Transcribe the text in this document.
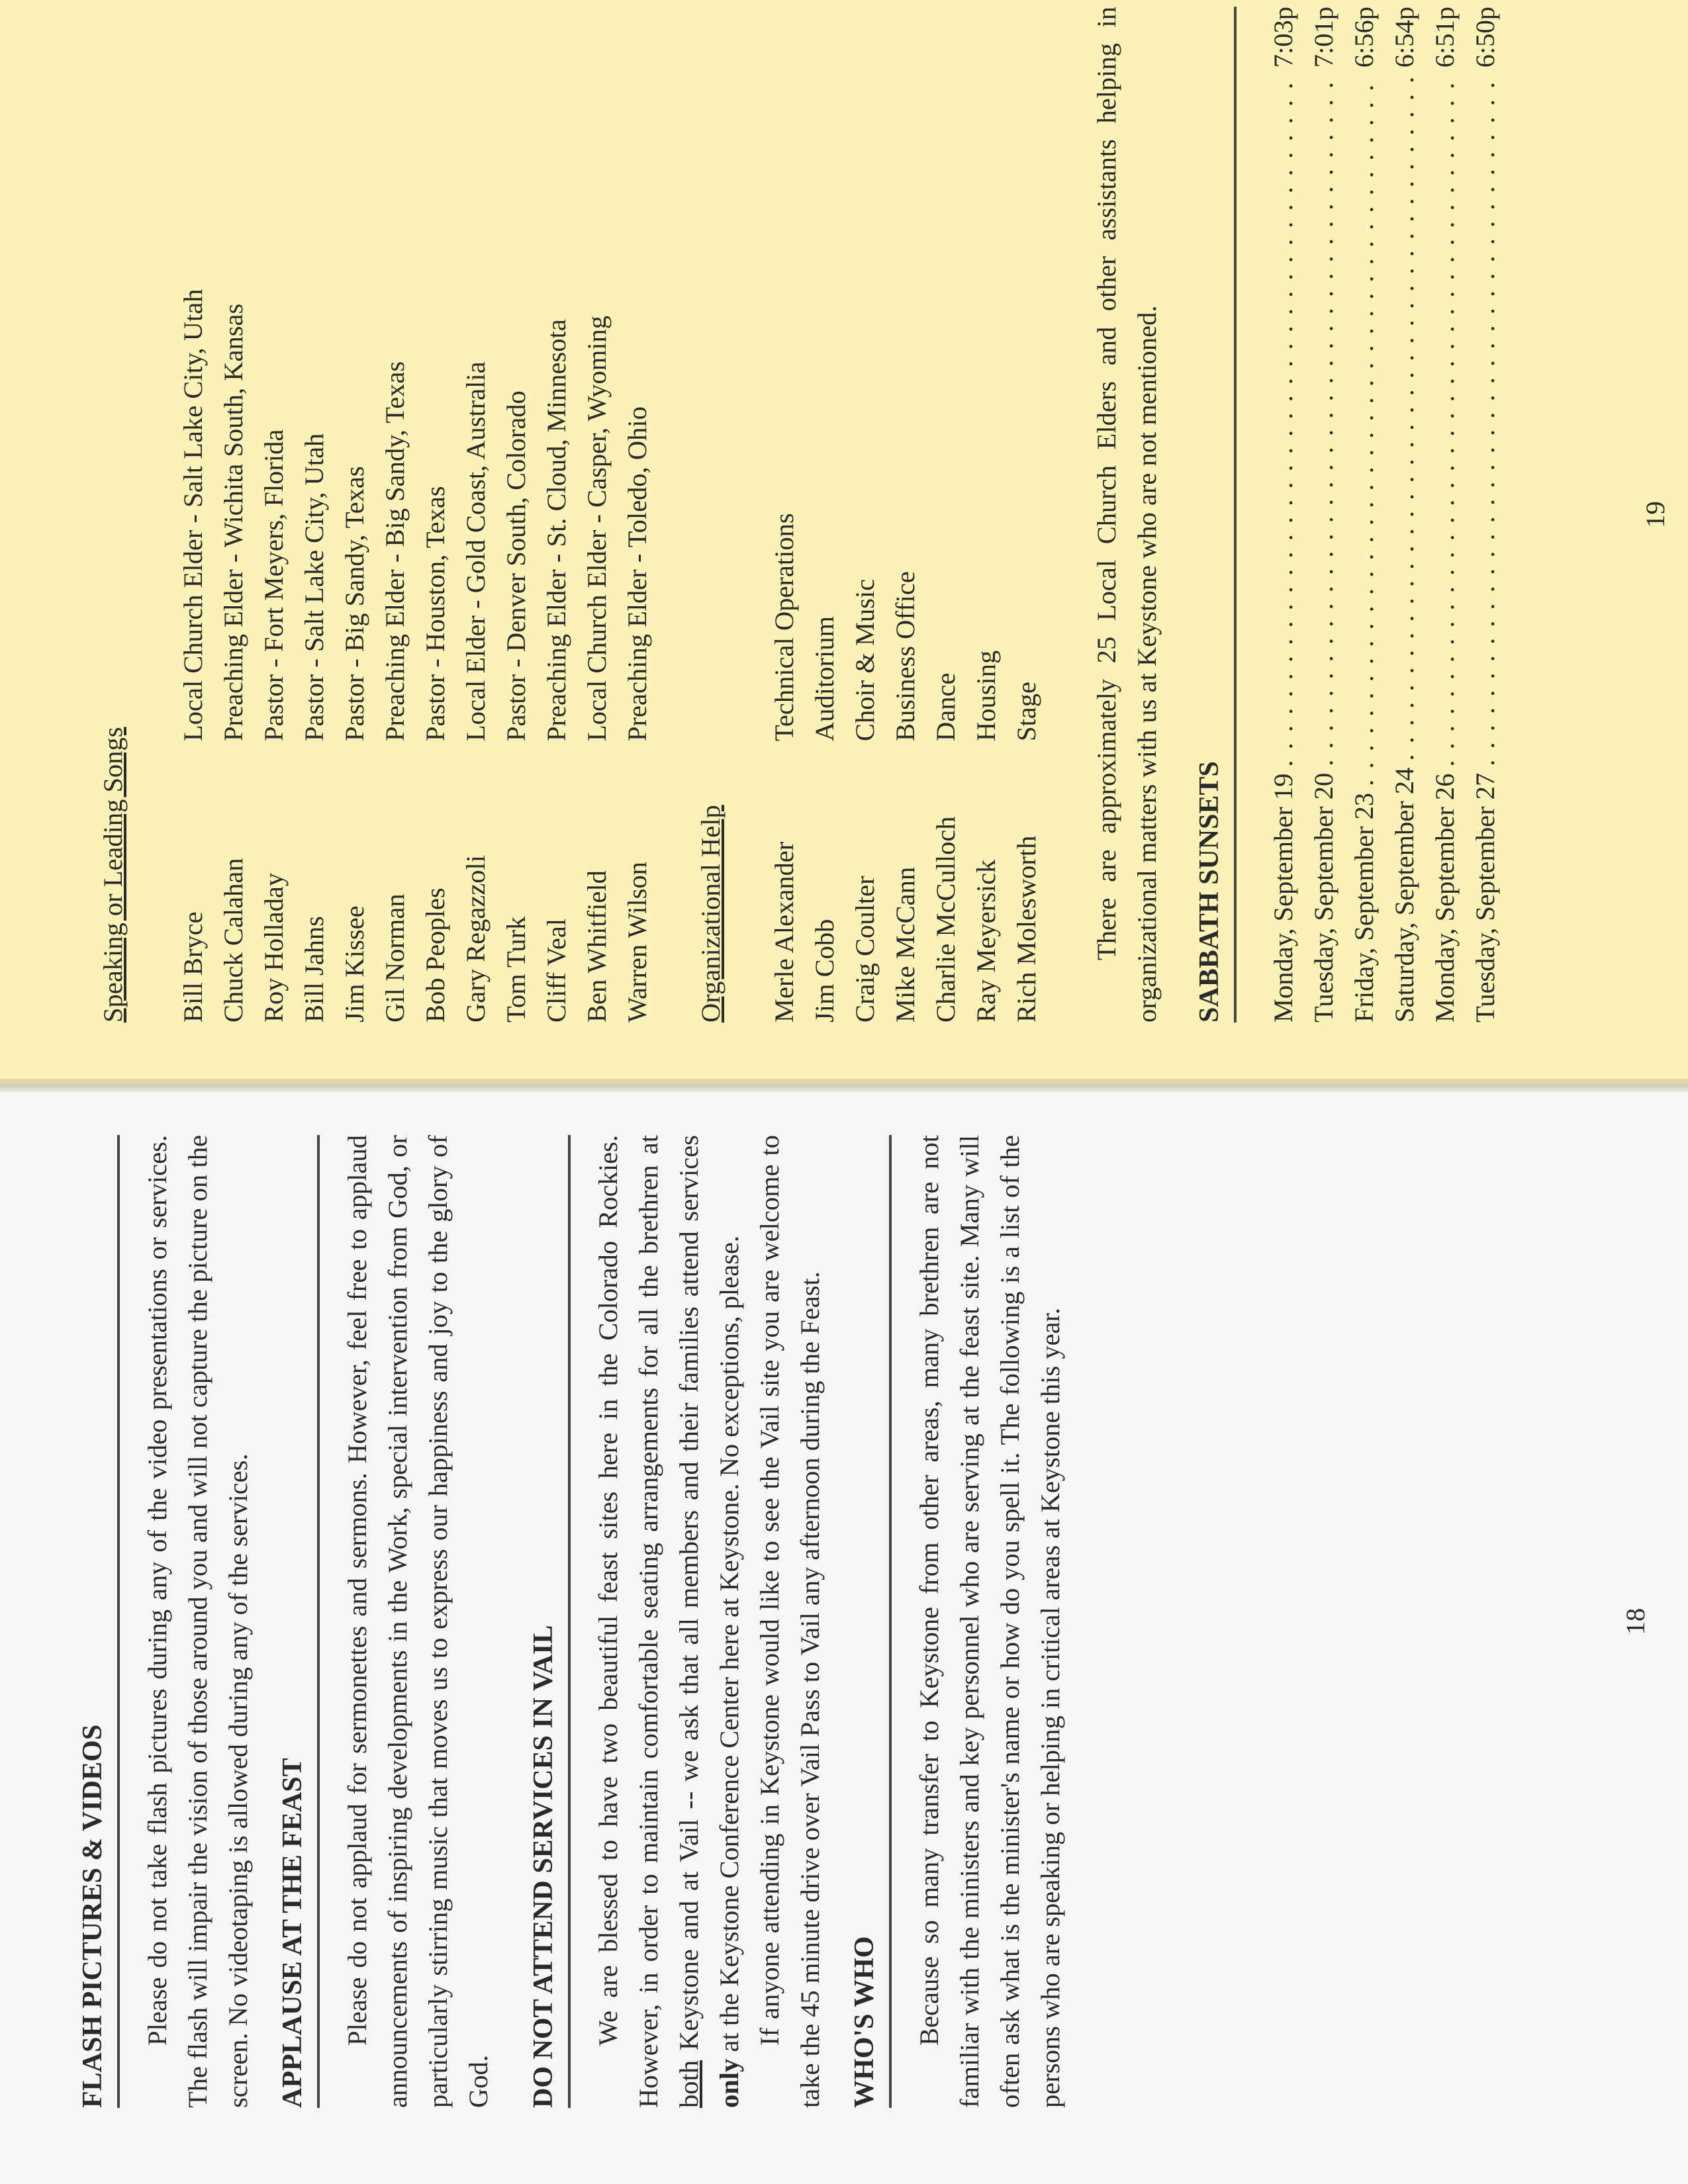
FLASH PICTURES & VIDEOS Please do not take flash pictures during any of the video presentations or services. The flash will impair the vision of those around you and will not capture the picture on the screen. No videotaping is allowed during any of the services. APPLAUSE AT THE FEAST Please do not applaud for sermonettes and sermons. However, feel free to applaud announcements of inspiring developments in the Work, special intervention from God, or particularly stirring music that moves us to express our happiness and joy to the glory of God. DO NOT ATTEND SERVICES IN VAIL We are blessed to have two beautiful feast sites here in the Colorado Rockies. However, in order to maintain comfortable seating arrangements for all the brethren at both Keystone and at Vail -- we ask that all members and their families attend services only at the Keystone Conference Center here at Keystone. No exceptions, please. If anyone attending in Keystone would like to see the Vail site you are welcome to take the 45 minute drive over Vail Pass to Vail any afternoon during the Feast. WHO'S WHO Because so many transfer to Keystone from other areas, many brethren are not familiar with the ministers and key personnel who are serving at the feast site. Many will often ask what is the minister's name or how do you spell it. The following is a list of the persons who are speaking or helping in critical areas at Keystone this year.	18

Speaking or Leading Songs Bill Bryce
Local Church Elder - Salt Lake City, Utah
Chuck Calahan
Preaching Elder - Wichita South, Kansas
Roy Holladay
Pastor - Fort Meyers, Florida
Bill Jahns
Pastor - Salt Lake City, Utah
Jim Kissee
Pastor - Big Sandy, Texas
Gil Norman
Preaching Elder - Big Sandy, Texas
Bob Peoples
Pastor - Houston, Texas
Gary Regazzoli
Local Elder - Gold Coast, Australia
Tom Turk
Pastor - Denver South, Colorado
Cliff Veal
Preaching Elder - St. Cloud, Minnesota
Ben Whitfield
Local Church Elder - Casper, Wyoming
Warren Wilson
Preaching Elder - Toledo, Ohio

Organizational Help Merle Alexander
Technical Operations
Jim Cobb
Auditorium
Craig Coulter
Choir & Music
Mike McCann
Business Office
Charlie McCulloch
Dance
Ray Meyersick
Housing
Rich Molesworth
Stage There are approximately 25 Local Church Elders and other assistants helping in organizational matters with us at Keystone who are not mentioned. SABBATH SUNSETS Monday, September 19
. . .
7:03p
Tuesday, September 20
. . .
7:01p
Friday, September 23
. . .
6:56p
Saturday, September 24
. . .
6:54p
Monday, September 26
. . .
6:51p
Tuesday, September 27
. . .
6:50p
19
